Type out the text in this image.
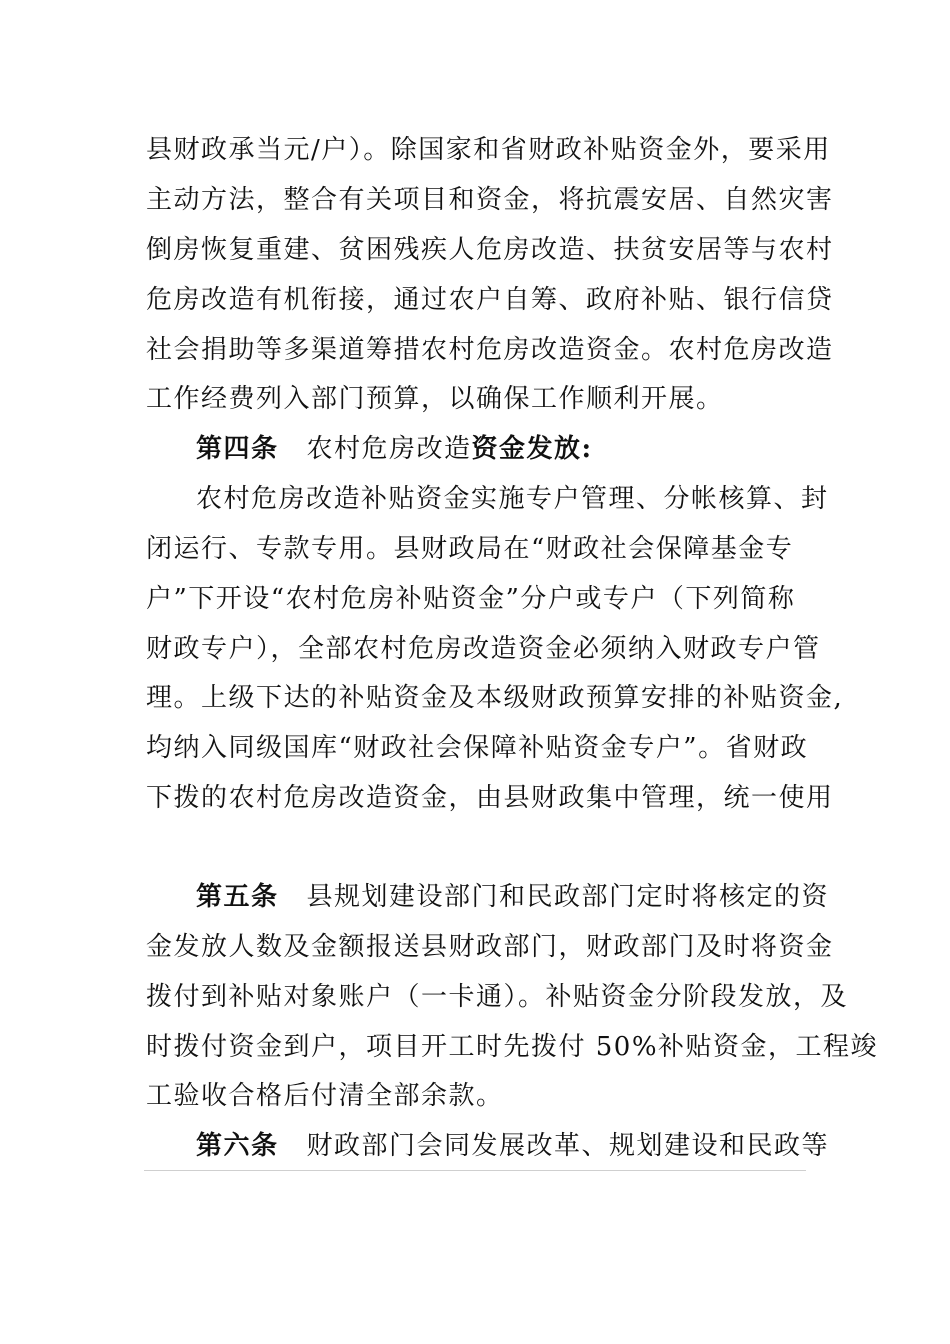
县财政承当元/户）。除国家和省财政补贴资金外，要采用
主动方法，整合有关项目和资金，将抗震安居、自然灾害
倒房恢复重建、贫困残疾人危房改造、扶贫安居等与农村
危房改造有机衔接，通过农户自筹、政府补贴、银行信贷
社会捐助等多渠道筹措农村危房改造资金。农村危房改造
工作经费列入部门预算，以确保工作顺利开展。
第四条 农村危房改造资金发放:
农村危房改造补贴资金实施专户管理、分帐核算、封
闭运行、专款专用。县财政局在“财政社会保障基金专
户”下开设“农村危房补贴资金”分户或专户（下列简称
财政专户），全部农村危房改造资金必须纳入财政专户管
理。上级下达的补贴资金及本级财政预算安排的补贴资金,
均纳入同级国库“财政社会保障补贴资金专户”。省财政
下拨的农村危房改造资金，由县财政集中管理，统一使用
第五条 县规划建设部门和民政部门定时将核定的资
金发放人数及金额报送县财政部门，财政部门及时将资金
拨付到补贴对象账户（一卡通）。补贴资金分阶段发放，及
时拨付资金到户，项目开工时先拨付 50%补贴资金，工程竣
工验收合格后付清全部余款。
第六条 财政部门会同发展改革、规划建设和民政等
